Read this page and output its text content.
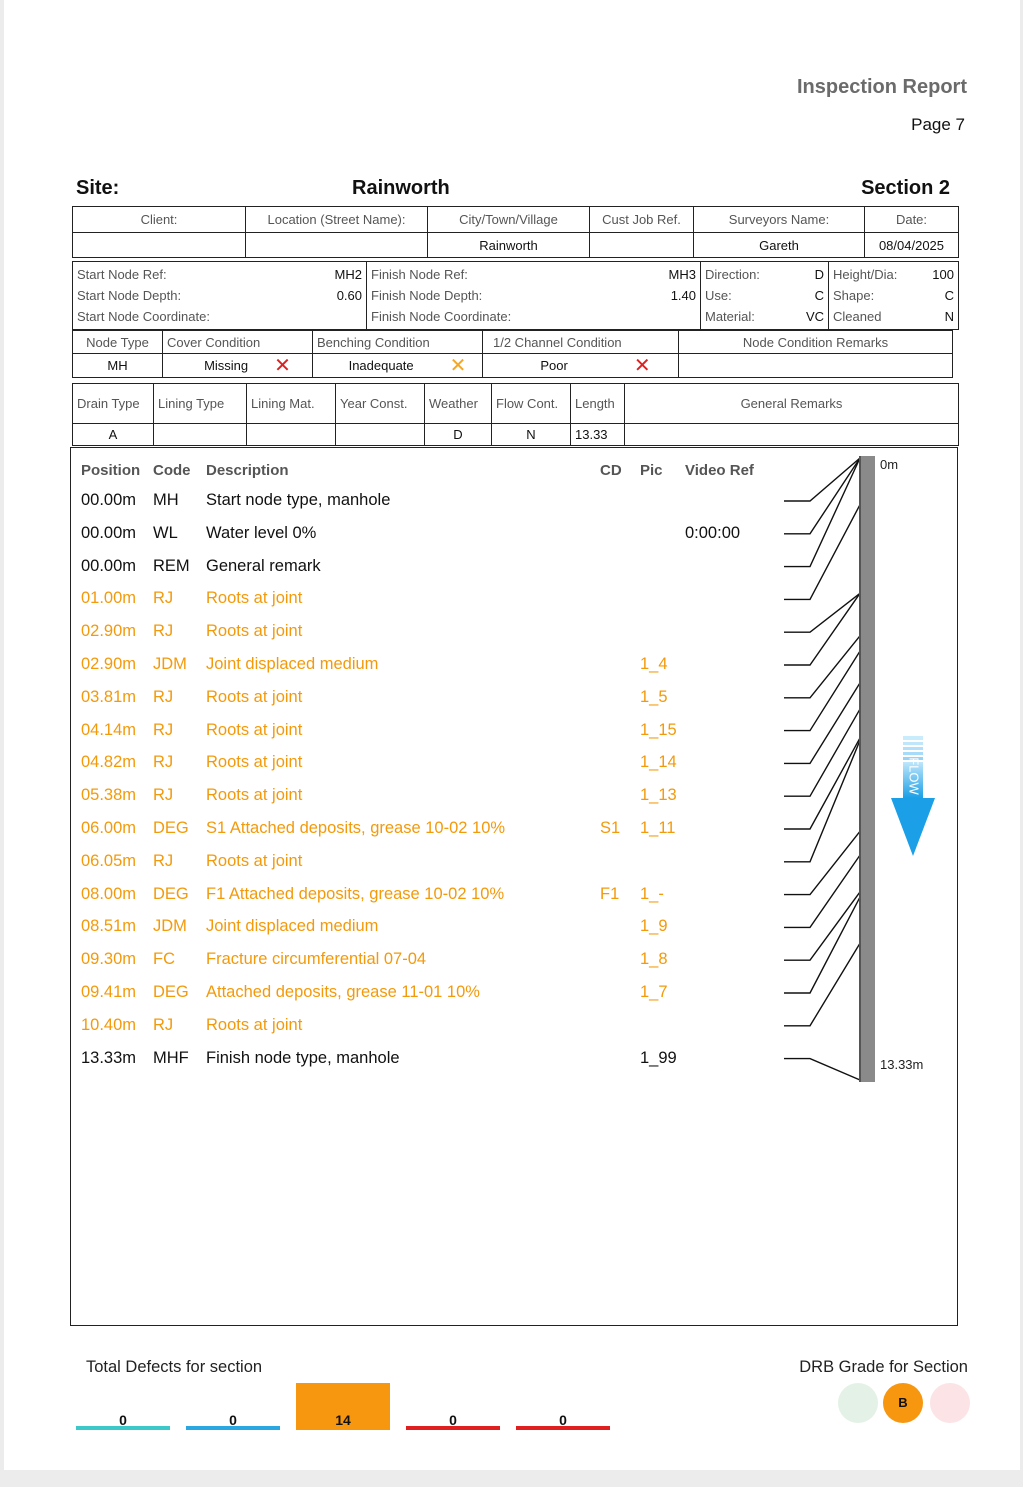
Inspection Report
Page 7
Site:	Rainworth	Section 2
Client:	Location (Street Name):	City/Town/Village	Cust Job Ref.	Surveyors Name:	Date:
		Rainworth		Gareth	08/04/2025
Start Node Ref:	MH2
Start Node Depth:	0.60
Start Node Coordinate:

Finish Node Ref:	MH3
Finish Node Depth:	1.40
Finish Node Coordinate:

Direction:	D
Use:	C
Material:	VC

Height/Dia:	100
Shape:	C
Cleaned	N
Node Type	Cover Condition	Benching Condition	1/2 Channel Condition	Node Condition Remarks
MH	Missing ✕	Inadequate ✕	Poor ✕	
Drain Type	Lining Type	Lining Mat.	Year Const.	Weather	Flow Cont.	Length	General Remarks
A				D	N	13.33	
Position Code Description	CD Pic Video Ref
00.00m MH Start node type, manhole
00.00m WL Water level 0%	0:00:00
00.00m REM General remark
01.00m RJ Roots at joint
02.90m RJ Roots at joint
02.90m JDM Joint displaced medium	1_4
03.81m RJ Roots at joint	1_5
04.14m RJ Roots at joint	1_15
04.82m RJ Roots at joint	1_14
05.38m RJ Roots at joint	1_13
06.00m DEG S1 Attached deposits, grease 10-02 10%	S1 1_11
06.05m RJ Roots at joint
08.00m DEG F1 Attached deposits, grease 10-02 10%	F1 1_-
08.51m JDM Joint displaced medium	1_9
09.30m FC Fracture circumferential 07-04	1_8
09.41m DEG Attached deposits, grease 11-01 10%	1_7
10.40m RJ Roots at joint
13.33m MHF Finish node type, manhole	1_99
0m
13.33m
FLOW
Total Defects for section	DRB Grade for Section
0	0	14	0	0
B
